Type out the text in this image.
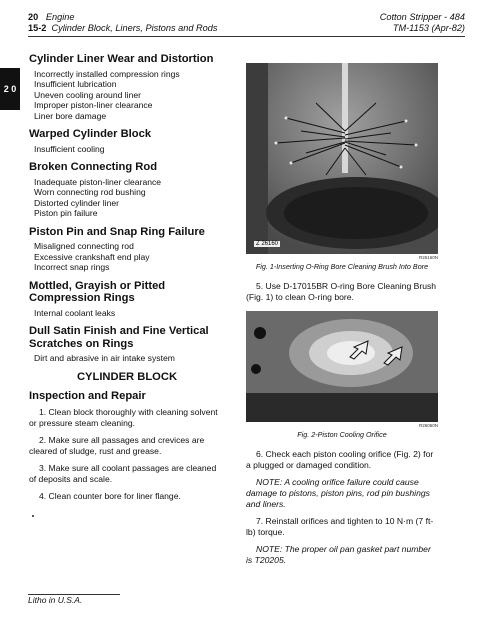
20 Engine
15-2 Cylinder Block, Liners, Pistons and Rods
Cotton Stripper - 484
TM-1153 (Apr-82)
2 0
Cylinder Liner Wear and Distortion
Incorrectly installed compression rings
Insufficient lubrication
Uneven cooling around liner
Improper piston-liner clearance
Liner bore damage
Warped Cylinder Block
Insufficient cooling
Broken Connecting Rod
Inadequate piston-liner clearance
Worn connecting rod bushing
Distorted cylinder liner
Piston pin failure
Piston Pin and Snap Ring Failure
Misaligned connecting rod
Excessive crankshaft end play
Incorrect snap rings
Mottled, Grayish or Pitted Compression Rings
Internal coolant leaks
Dull Satin Finish and Fine Vertical Scratches on Rings
Dirt and abrasive in air intake system
CYLINDER BLOCK
Inspection and Repair

1. Clean block thoroughly with cleaning solvent or pressure steam cleaning.

2. Make sure all passages and crevices are cleared of sludge, rust and grease.

3. Make sure all coolant passages are cleaned of deposits and scale.

4. Clean counter bore for liner flange.

Z 26160
R26160N

Fig. 1-Inserting O-Ring Bore Cleaning Brush Into Bore

5. Use D-17015BR O-ring Bore Cleaning Brush (Fig. 1) to clean O-ring bore.

R26060N

Fig. 2-Piston Cooling Orifice

6. Check each piston cooling orifice (Fig. 2) for a plugged or damaged condition.

NOTE: A cooling orifice failure could cause damage to pistons, piston pins, rod pin bushings and liners.

7. Reinstall orifices and tighten to 10 N·m (7 ft-lb) torque.

NOTE: The proper oil pan gasket part number is T20205.

Litho in U.S.A.
